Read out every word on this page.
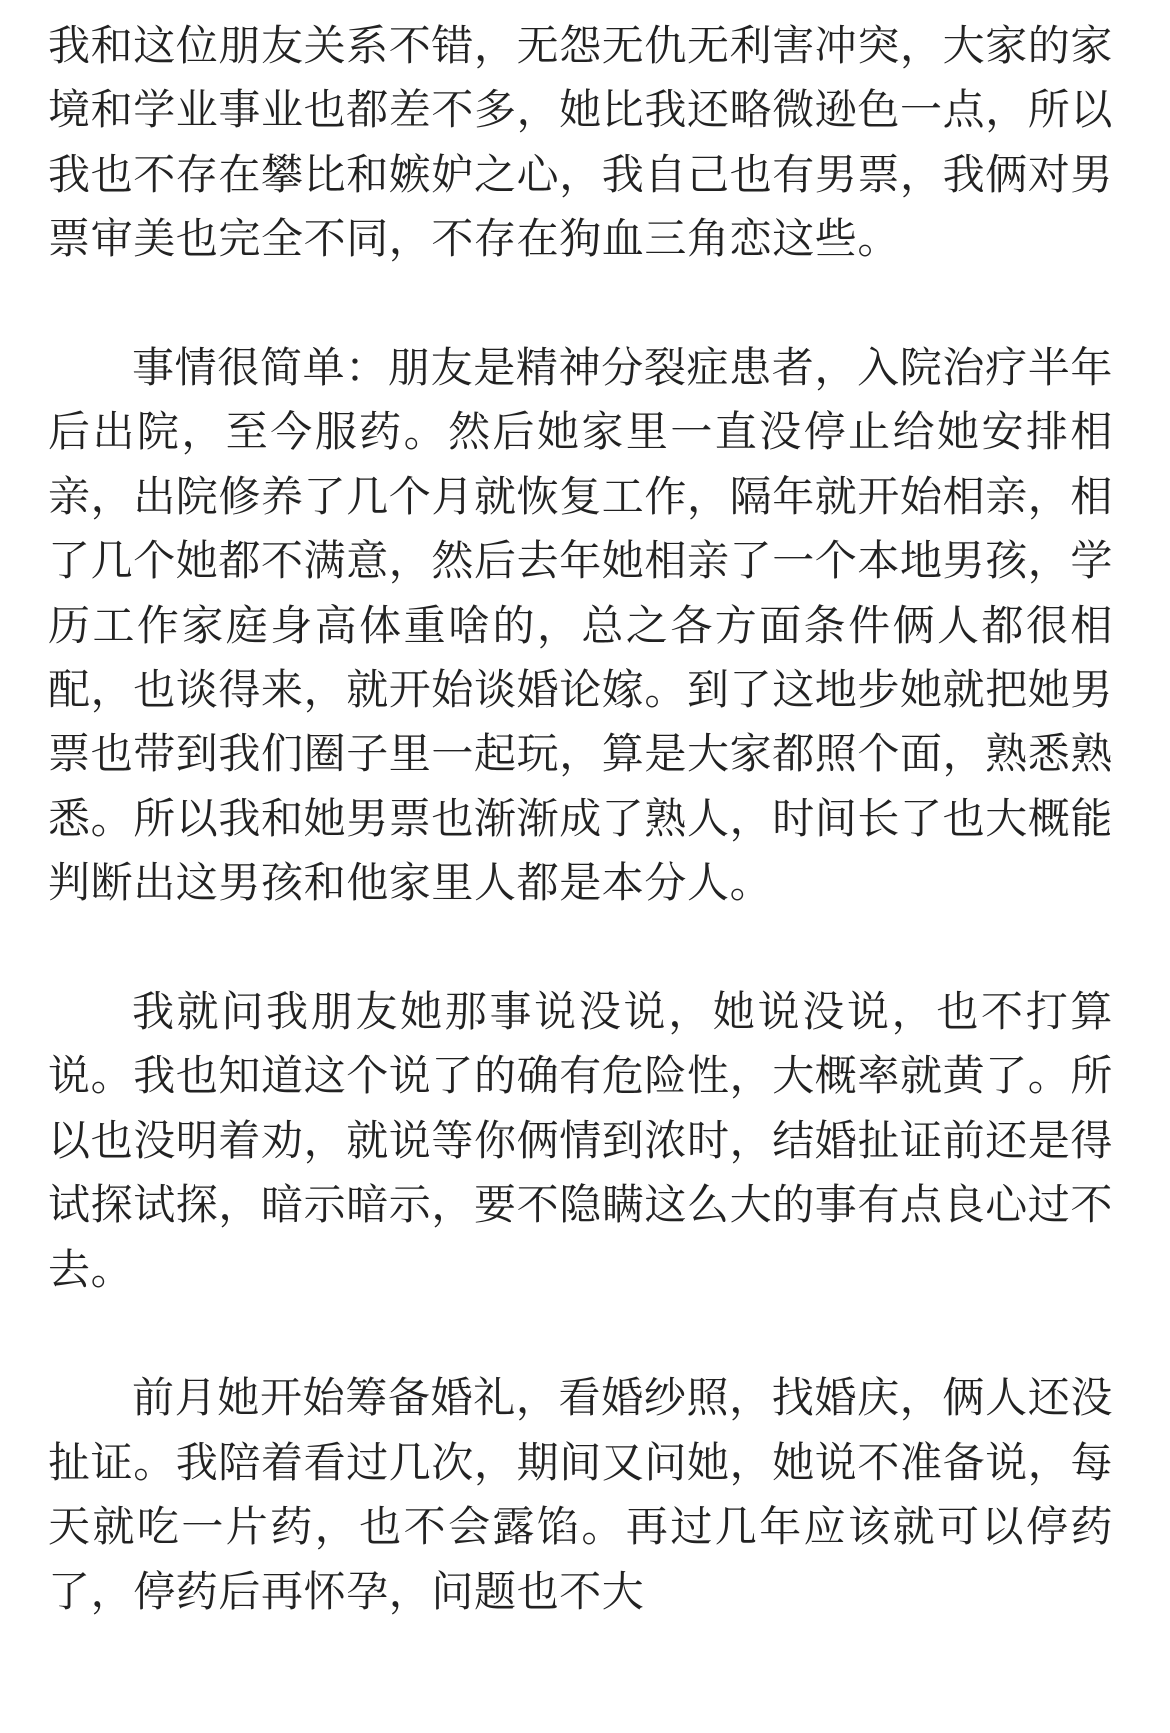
我和这位朋友关系不错，无怨无仇无利害冲突，大家的家境和学业事业也都差不多，她比我还略微逊色一点，所以我也不存在攀比和嫉妒之心，我自己也有男票，我俩对男票审美也完全不同，不存在狗血三角恋这些。

事情很简单：朋友是精神分裂症患者，入院治疗半年后出院，至今服药。然后她家里一直没停止给她安排相亲，出院修养了几个月就恢复工作，隔年就开始相亲，相了几个她都不满意，然后去年她相亲了一个本地男孩，学历工作家庭身高体重啥的，总之各方面条件俩人都很相配，也谈得来，就开始谈婚论嫁。到了这地步她就把她男票也带到我们圈子里一起玩，算是大家都照个面，熟悉熟悉。所以我和她男票也渐渐成了熟人，时间长了也大概能判断出这男孩和他家里人都是本分人。

我就问我朋友她那事说没说，她说没说，也不打算说。我也知道这个说了的确有危险性，大概率就黄了。所以也没明着劝，就说等你俩情到浓时，结婚扯证前还是得试探试探，暗示暗示，要不隐瞒这么大的事有点良心过不去。

前月她开始筹备婚礼，看婚纱照，找婚庆，俩人还没扯证。我陪着看过几次，期间又问她，她说不准备说，每天就吃一片药，也不会露馅。再过几年应该就可以停药了，停药后再怀孕，问题也不大
